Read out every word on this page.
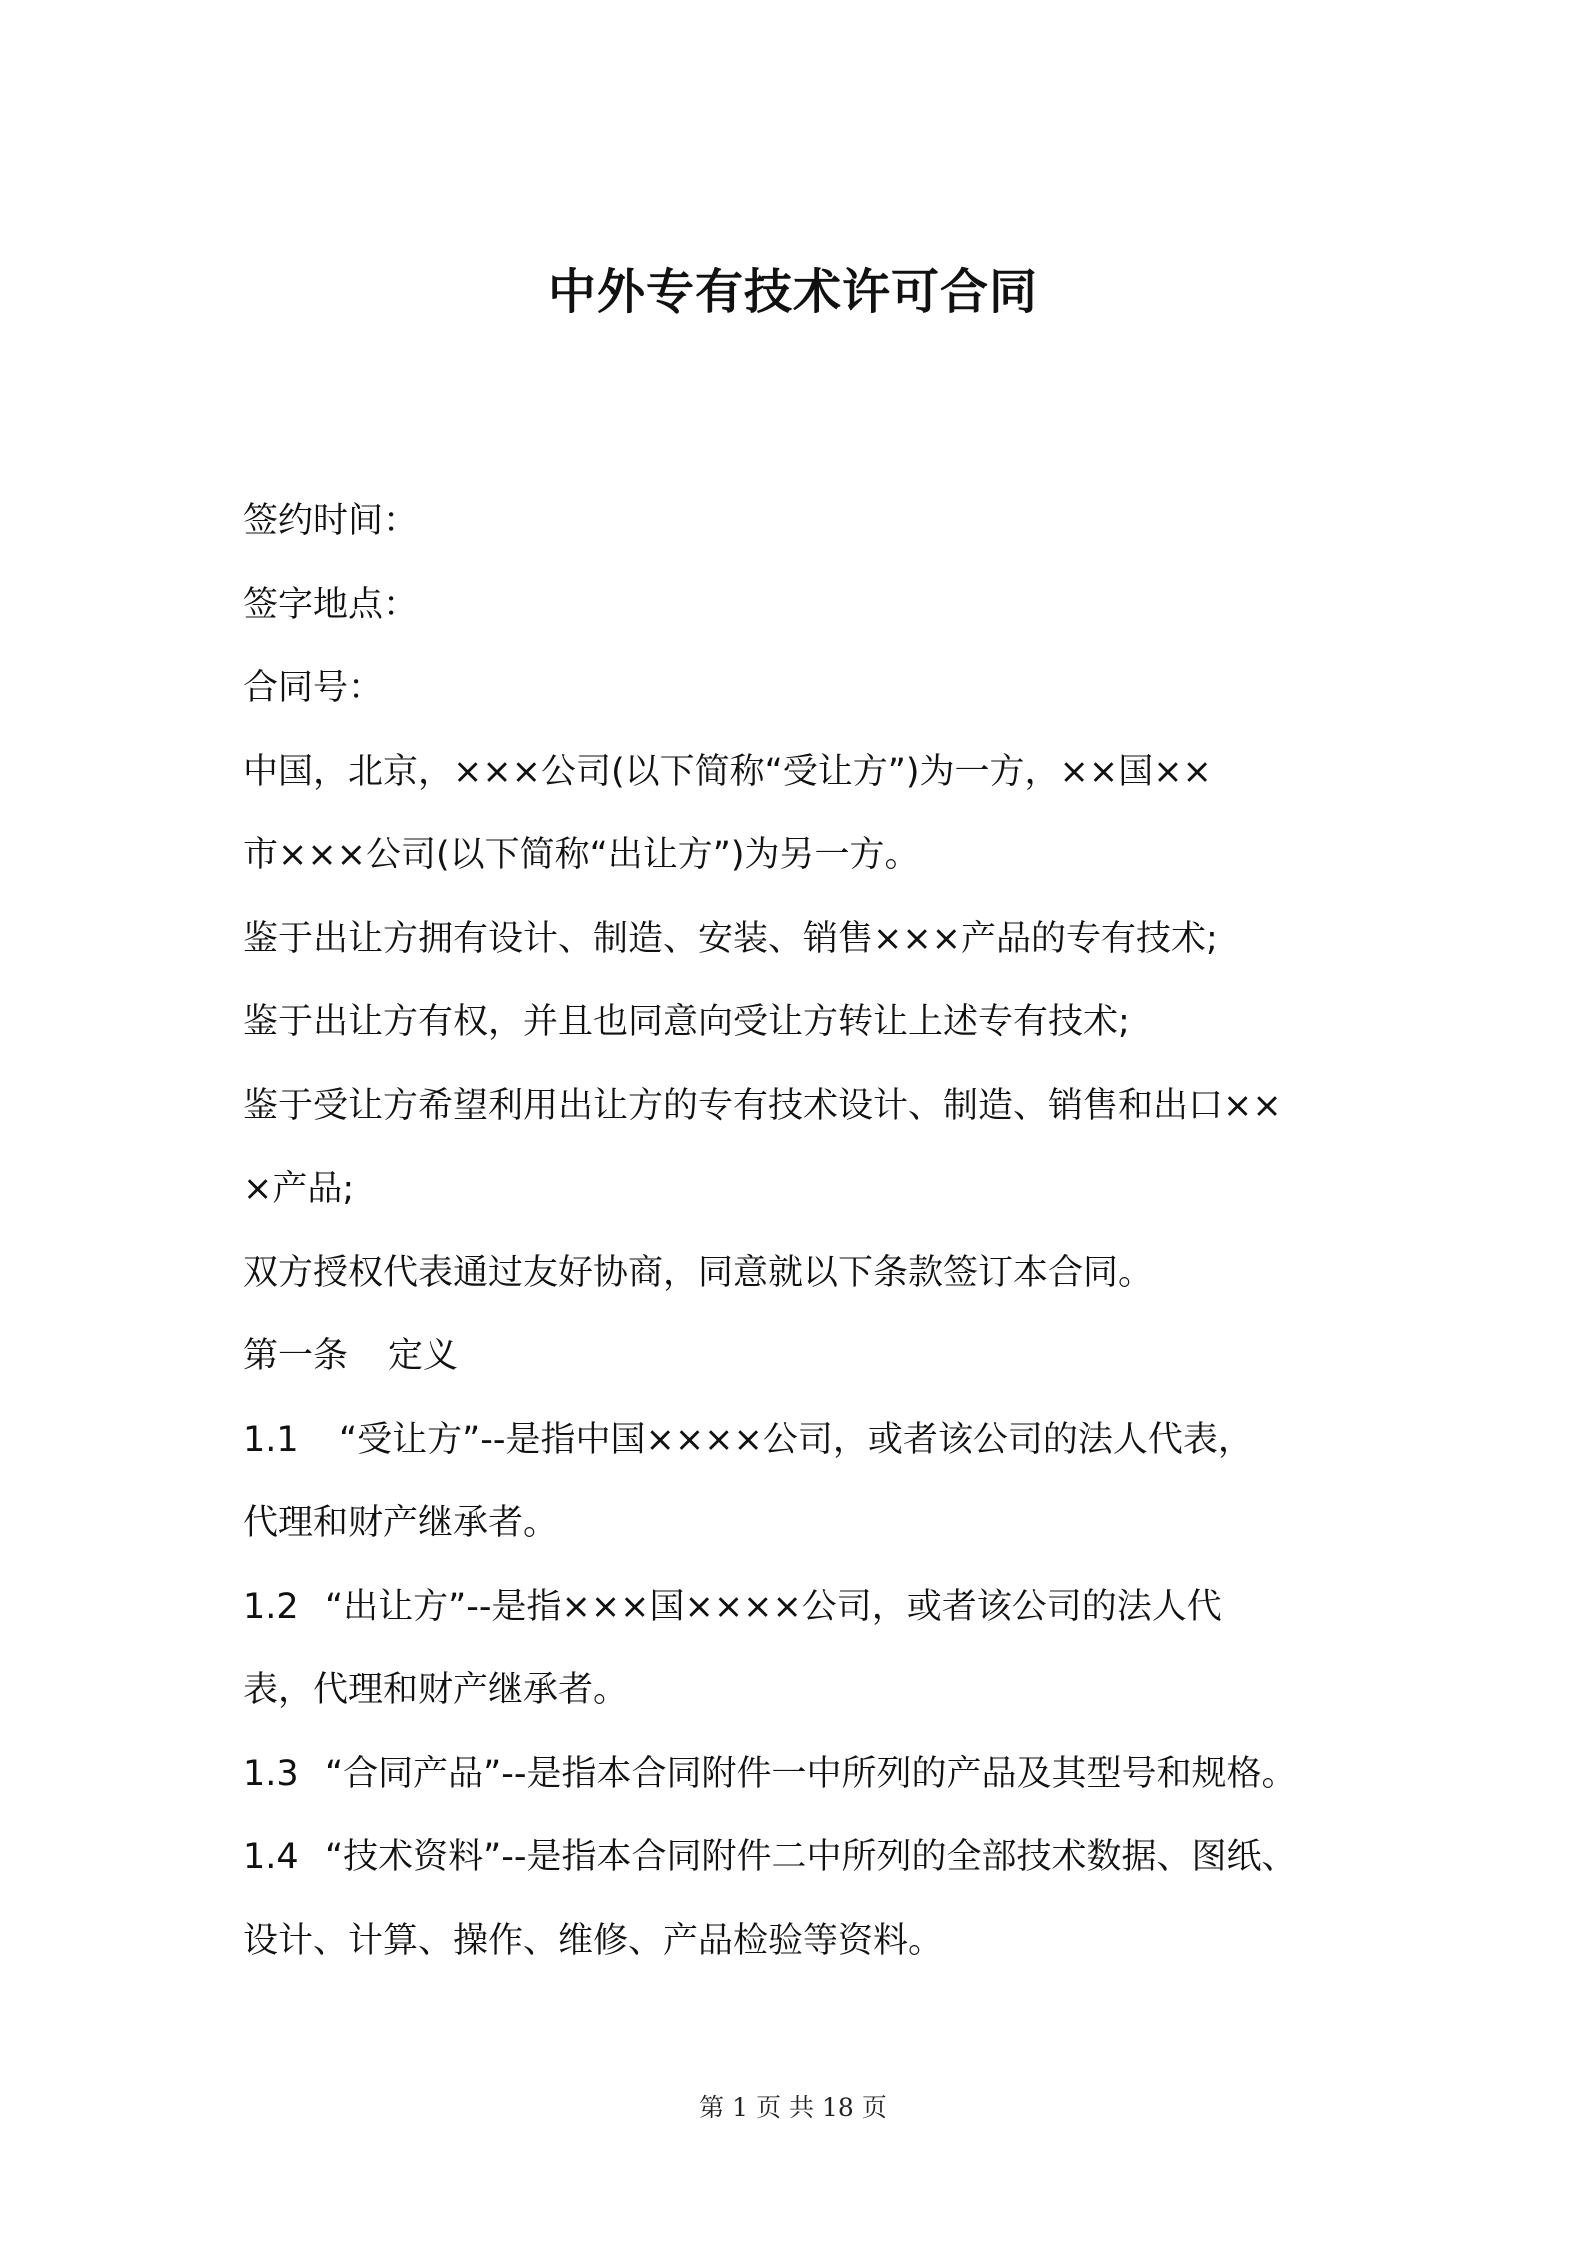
中外专有技术许可合同

签约时间：

签字地点：

合同号：

中国，北京，×××公司(以下简称“受让方”)为一方，××国××

市×××公司(以下简称“出让方”)为另一方。

鉴于出让方拥有设计、制造、安装、销售×××产品的专有技术;

鉴于出让方有权，并且也同意向受让方转让上述专有技术;

鉴于受让方希望利用出让方的专有技术设计、制造、销售和出口××

×产品;

双方授权代表通过友好协商，同意就以下条款签订本合同。

第一条 定义

1.1 “受让方”--是指中国××××公司，或者该公司的法人代表，

代理和财产继承者。

1.2 “出让方”--是指×××国××××公司，或者该公司的法人代

表，代理和财产继承者。

1.3 “合同产品”--是指本合同附件一中所列的产品及其型号和规格。

1.4 “技术资料”--是指本合同附件二中所列的全部技术数据、图纸、

设计、计算、操作、维修、产品检验等资料。

第 1 页 共 18 页
